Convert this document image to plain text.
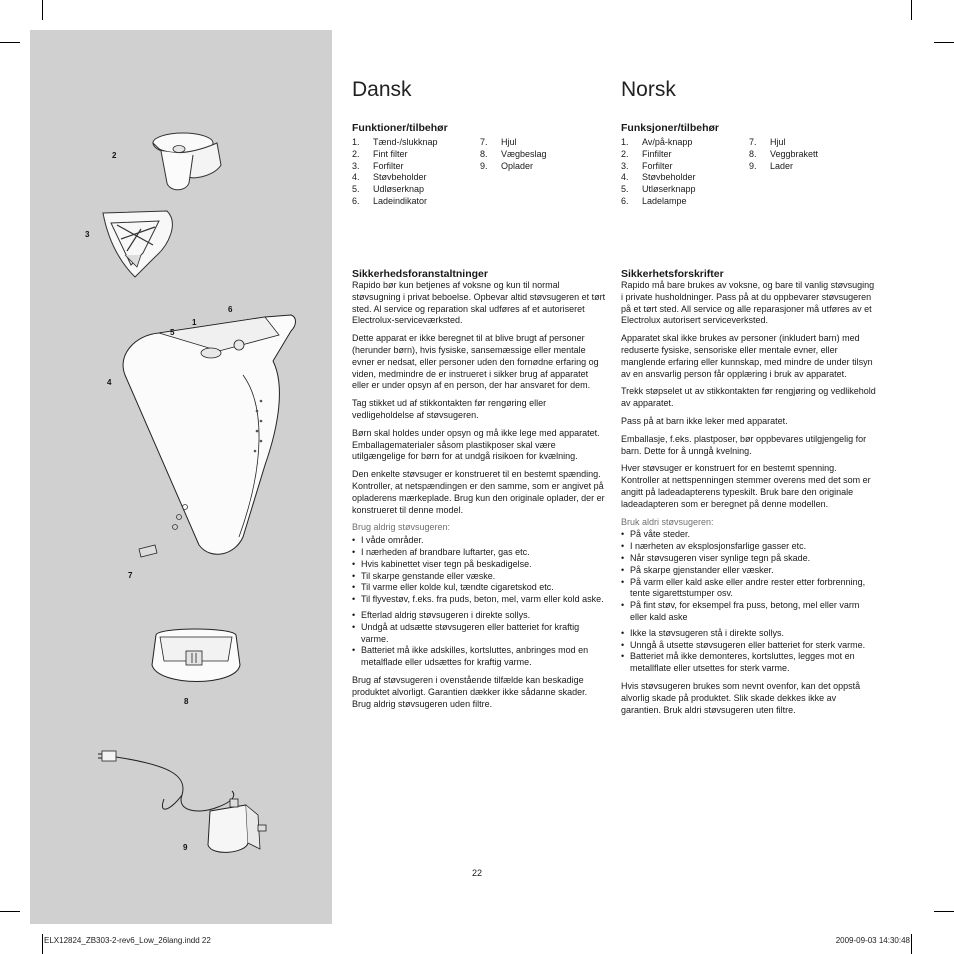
2
3
6
1
5
4
7
8
9
Dansk
Funktioner/tilbehør
1.	Tænd-/slukknap
2.	Fint filter
3.	Forfilter
4.	Støvbeholder
5.	Udløserknap
6.	Ladeindikator
7.	Hjul
8.	Vægbeslag
9.	Oplader
Sikkerhedsforanstaltninger

Rapido bør kun betjenes af voksne og kun til normal støvsugning i privat beboelse. Opbevar altid støvsugeren et tørt sted. Al service og reparation skal udføres af et autoriseret Electrolux-serviceværksted.

Dette apparat er ikke beregnet til at blive brugt af personer (herunder børn), hvis fysiske, sansemæssige eller mentale evner er nedsat, eller personer uden den fornødne erfaring og viden, medmindre de er instrueret i sikker brug af apparatet eller er under opsyn af en person, der har ansvaret for dem.

Tag stikket ud af stikkontakten før rengøring eller vedligeholdelse af støvsugeren.

Børn skal holdes under opsyn og må ikke lege med apparatet. Emballagematerialer såsom plastikposer skal være utilgængelige for børn for at undgå risikoen for kvælning.

Den enkelte støvsuger er konstrueret til en bestemt spænding. Kontroller, at netspændingen er den samme, som er angivet på opladerens mærkeplade. Brug kun den originale oplader, der er konstrueret til denne model.

Brug aldrig støvsugeren:
• I våde områder.
• I nærheden af brandbare luftarter, gas etc.
• Hvis kabinettet viser tegn på beskadigelse.
• Til skarpe genstande eller væske.
• Til varme eller kolde kul, tændte cigaretskod etc.
• Til flyvestøv, f.eks. fra puds, beton, mel, varm eller kold aske.
• Efterlad aldrig støvsugeren i direkte sollys.
• Undgå at udsætte støvsugeren eller batteriet for kraftig varme.
• Batteriet må ikke adskilles, kortsluttes, anbringes mod en metalflade eller udsættes for kraftig varme.

Brug af støvsugeren i ovenstående tilfælde kan beskadige produktet alvorligt. Garantien dækker ikke sådanne skader. Brug aldrig støvsugeren uden filtre.

Norsk
Funksjoner/tilbehør
1.	Av/på-knapp
2.	Finfilter
3.	Forfilter
4.	Støvbeholder
5.	Utløserknapp
6.	Ladelampe
7.	Hjul
8.	Veggbrakett
9.	Lader
Sikkerhetsforskrifter

Rapido må bare brukes av voksne, og bare til vanlig støvsuging i private husholdninger. Pass på at du oppbevarer støvsugeren på et tørt sted. All service og alle reparasjoner må utføres av et Electrolux autorisert serviceverksted.

Apparatet skal ikke brukes av personer (inkludert barn) med reduserte fysiske, sensoriske eller mentale evner, eller manglende erfaring eller kunnskap, med mindre de under tilsyn av en ansvarlig person får opplæring i bruk av apparatet.

Trekk støpselet ut av stikkontakten før rengjøring og vedlikehold av apparatet.

Pass på at barn ikke leker med apparatet.

Emballasje, f.eks. plastposer, bør oppbevares utilgjengelig for barn. Dette for å unngå kvelning.

Hver støvsuger er konstruert for en bestemt spenning. Kontroller at nettspenningen stemmer overens med det som er angitt på ladeadapterens typeskilt. Bruk bare den originale ladeadapteren som er beregnet på denne modellen.

Bruk aldri støvsugeren:
• På våte steder.
• I nærheten av eksplosjonsfarlige gasser etc.
• Når støvsugeren viser synlige tegn på skade.
• På skarpe gjenstander eller væsker.
• På varm eller kald aske eller andre rester etter forbrenning, tente sigarettstumper osv.
• På fint støv, for eksempel fra puss, betong, mel eller varm eller kald aske
• Ikke la støvsugeren stå i direkte sollys.
• Unngå å utsette støvsugeren eller batteriet for sterk varme.
• Batteriet må ikke demonteres, kortsluttes, legges mot en metallflate eller utsettes for sterk varme.

Hvis støvsugeren brukes som nevnt ovenfor, kan det oppstå alvorlig skade på produktet. Slik skade dekkes ikke av garantien. Bruk aldri støvsugeren uten filtre.

22
ELX12824_ZB303-2-rev6_Low_26lang.indd 22	2009-09-03 14:30:48
